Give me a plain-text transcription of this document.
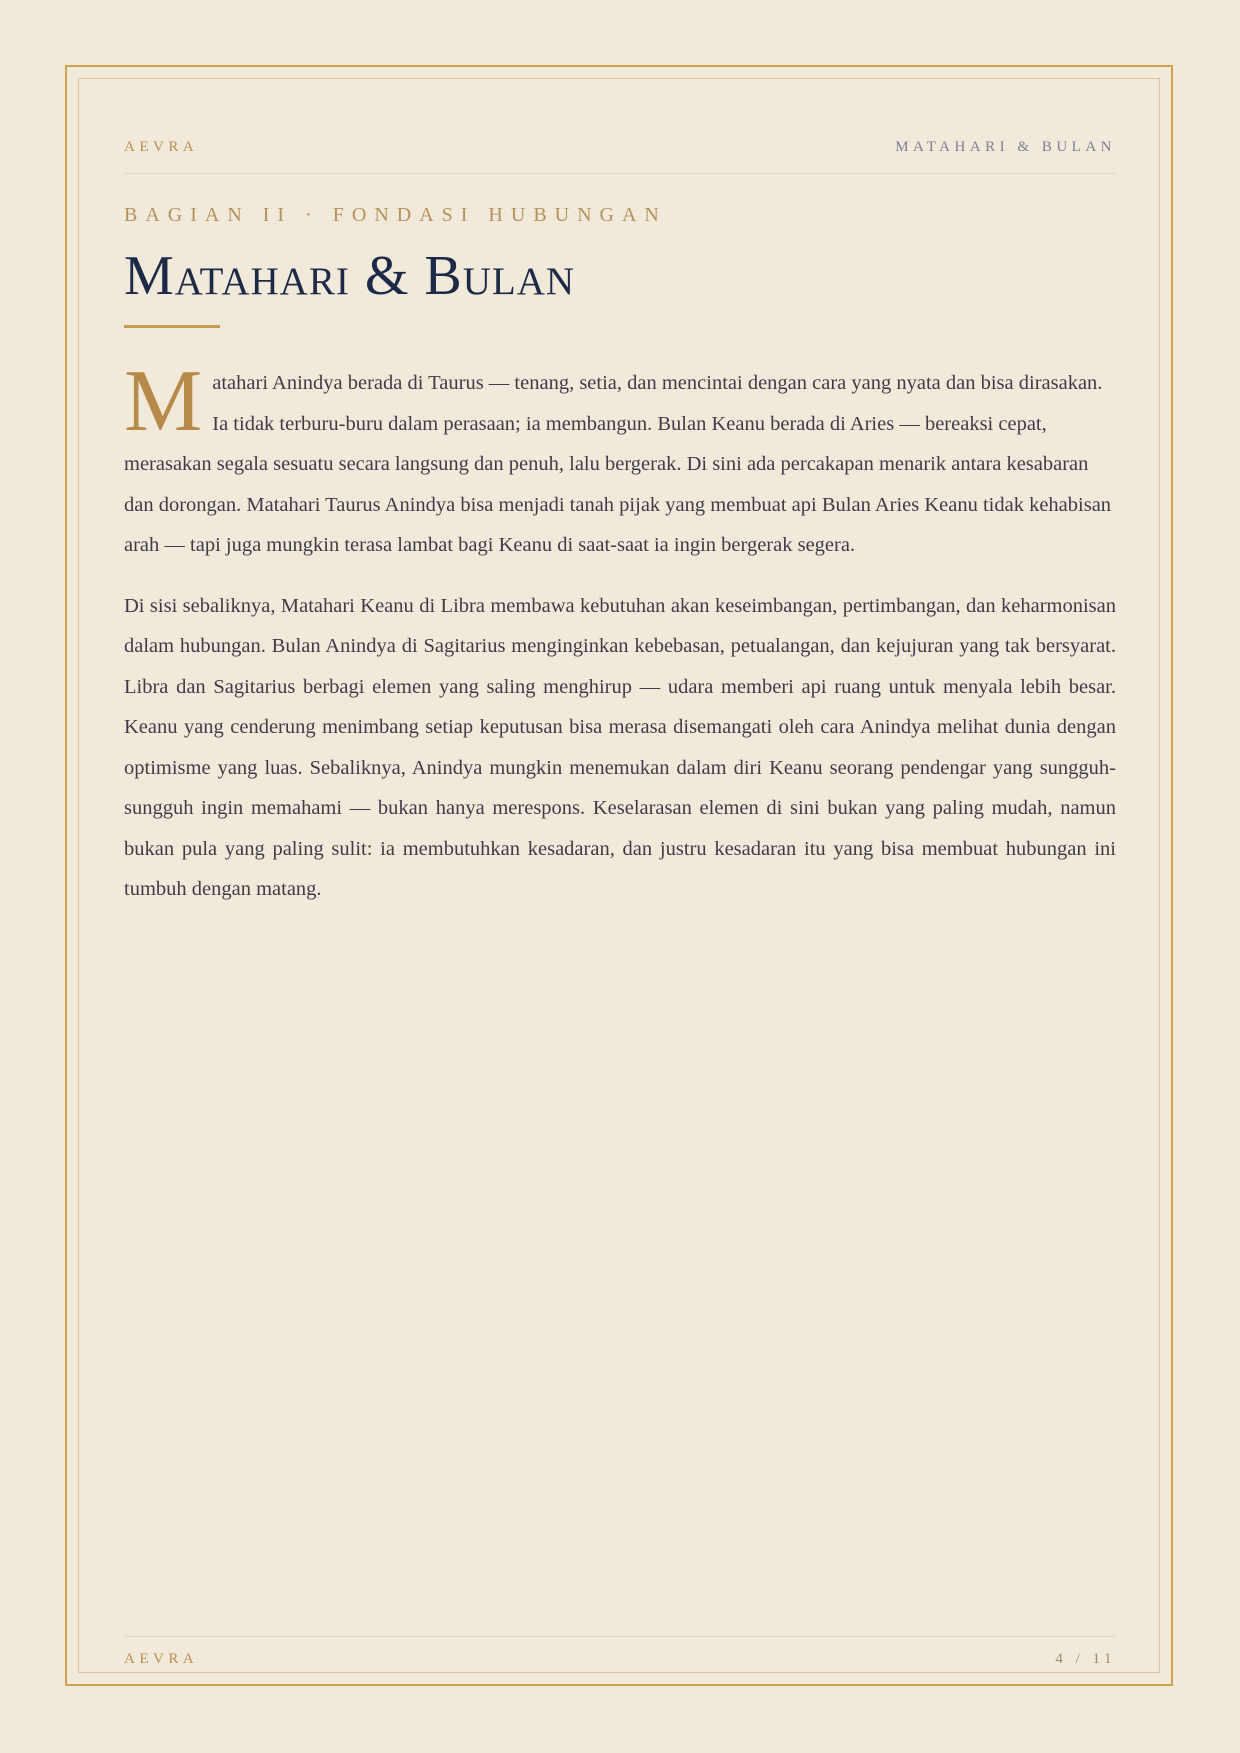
AEVRA	MATAHARI & BULAN
BAGIAN II · FONDASI HUBUNGAN
Matahari & Bulan

Matahari Anindya berada di Taurus — tenang, setia, dan mencintai dengan cara yang nyata dan bisa dirasakan. Ia tidak terburu-buru dalam perasaan; ia membangun. Bulan Keanu berada di Aries — bereaksi cepat, merasakan segala sesuatu secara langsung dan penuh, lalu bergerak. Di sini ada percakapan menarik antara kesabaran dan dorongan. Matahari Taurus Anindya bisa menjadi tanah pijak yang membuat api Bulan Aries Keanu tidak kehabisan arah — tapi juga mungkin terasa lambat bagi Keanu di saat-saat ia ingin bergerak segera.

Di sisi sebaliknya, Matahari Keanu di Libra membawa kebutuhan akan keseimbangan, pertimbangan, dan keharmonisan dalam hubungan. Bulan Anindya di Sagitarius menginginkan kebebasan, petualangan, dan kejujuran yang tak bersyarat. Libra dan Sagitarius berbagi elemen yang saling menghirup — udara memberi api ruang untuk menyala lebih besar. Keanu yang cenderung menimbang setiap keputusan bisa merasa disemangati oleh cara Anindya melihat dunia dengan optimisme yang luas. Sebaliknya, Anindya mungkin menemukan dalam diri Keanu seorang pendengar yang sungguh-sungguh ingin memahami — bukan hanya merespons. Keselarasan elemen di sini bukan yang paling mudah, namun bukan pula yang paling sulit: ia membutuhkan kesadaran, dan justru kesadaran itu yang bisa membuat hubungan ini tumbuh dengan matang.

AEVRA	4 / 11
